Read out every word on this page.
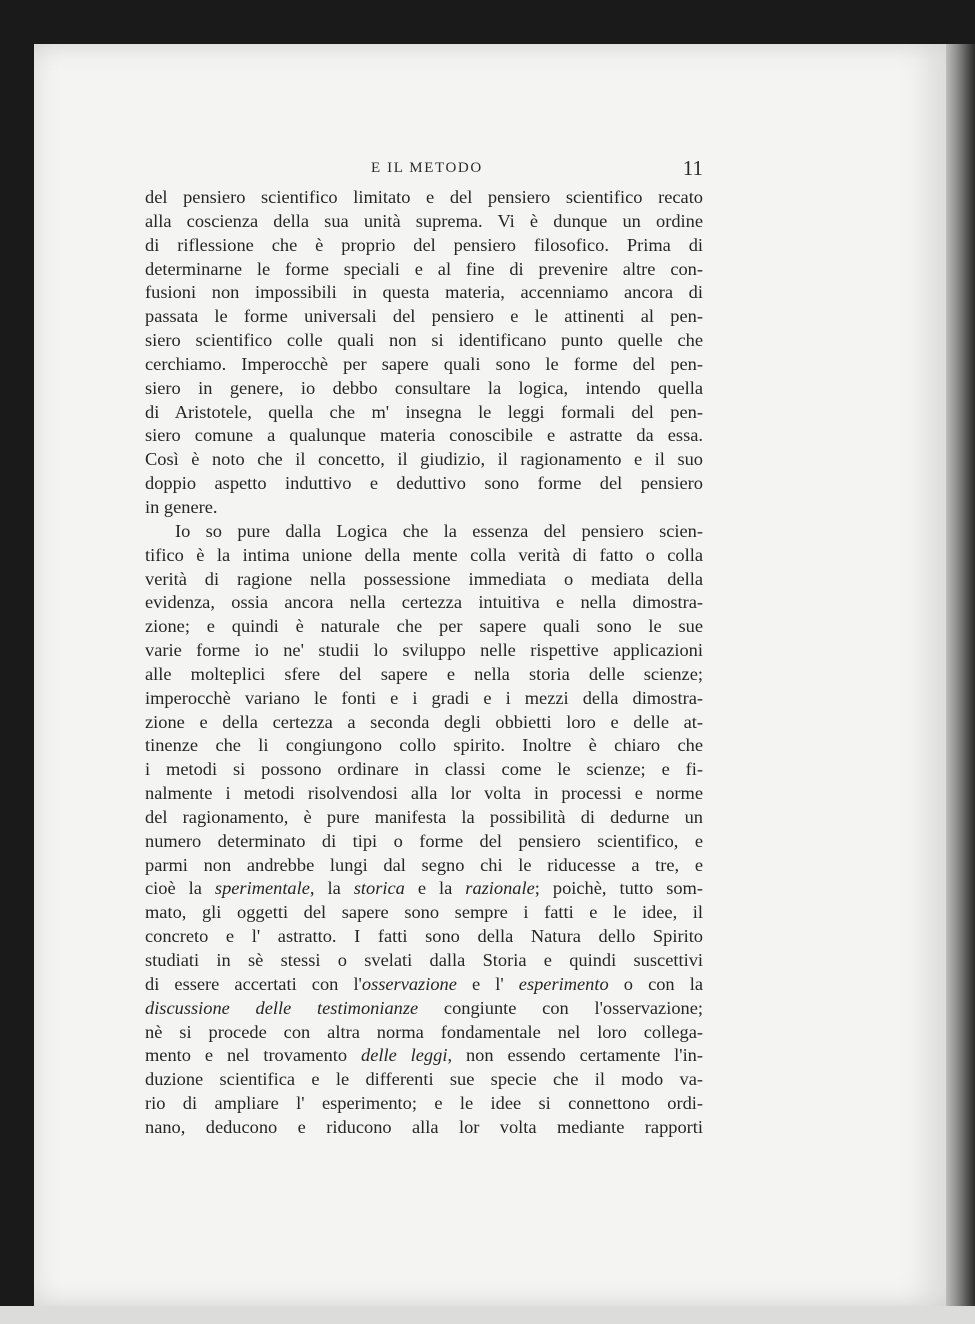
E IL METODO	11
del pensiero scientifico limitato e del pensiero scientifico recato
alla coscienza della sua unità suprema. Vi è dunque un ordine
di riflessione che è proprio del pensiero filosofico. Prima di
determinarne le forme speciali e al fine di prevenire altre con-
fusioni non impossibili in questa materia, accenniamo ancora di
passata le forme universali del pensiero e le attinenti al pen-
siero scientifico colle quali non si identificano punto quelle che
cerchiamo. Imperocchè per sapere quali sono le forme del pen-
siero in genere, io debbo consultare la logica, intendo quella
di Aristotele, quella che m' insegna le leggi formali del pen-
siero comune a qualunque materia conoscibile e astratte da essa.
Così è noto che il concetto, il giudizio, il ragionamento e il suo
doppio aspetto induttivo e deduttivo sono forme del pensiero
in genere.
Io so pure dalla Logica che la essenza del pensiero scien-
tifico è la intima unione della mente colla verità di fatto o colla
verità di ragione nella possessione immediata o mediata della
evidenza, ossia ancora nella certezza intuitiva e nella dimostra-
zione; e quindi è naturale che per sapere quali sono le sue
varie forme io ne' studii lo sviluppo nelle rispettive applicazioni
alle molteplici sfere del sapere e nella storia delle scienze;
imperocchè variano le fonti e i gradi e i mezzi della dimostra-
zione e della certezza a seconda degli obbietti loro e delle at-
tinenze che li congiungono collo spirito. Inoltre è chiaro che
i metodi si possono ordinare in classi come le scienze; e fi-
nalmente i metodi risolvendosi alla lor volta in processi e norme
del ragionamento, è pure manifesta la possibilità di dedurne un
numero determinato di tipi o forme del pensiero scientifico, e
parmi non andrebbe lungi dal segno chi le riducesse a tre, e
cioè la sperimentale, la storica e la razionale; poichè, tutto som-
mato, gli oggetti del sapere sono sempre i fatti e le idee, il
concreto e l' astratto. I fatti sono della Natura dello Spirito
studiati in sè stessi o svelati dalla Storia e quindi suscettivi
di essere accertati con l'osservazione e l' esperimento o con la
discussione delle testimonianze congiunte con l'osservazione;
nè si procede con altra norma fondamentale nel loro collega-
mento e nel trovamento delle leggi, non essendo certamente l'in-
duzione scientifica e le differenti sue specie che il modo va-
rio di ampliare l' esperimento; e le idee si connettono ordi-
nano, deducono e riducono alla lor volta mediante rapporti
